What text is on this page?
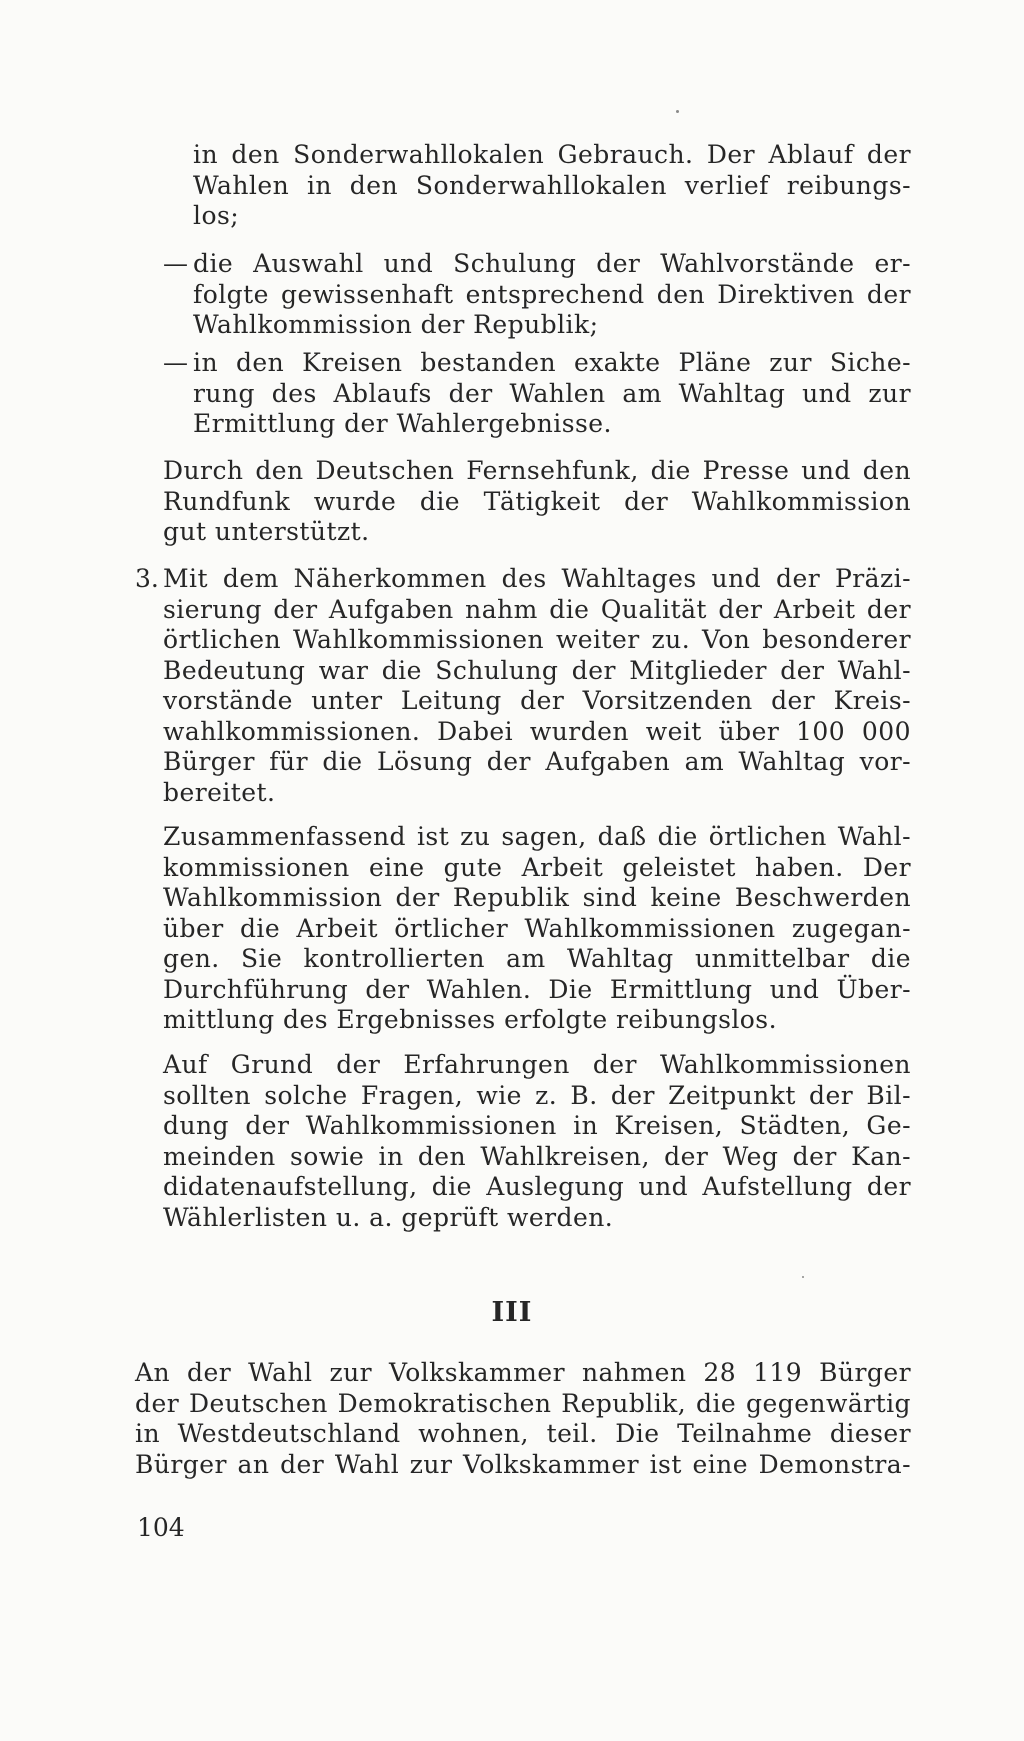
in den Sonderwahllokalen Gebrauch. Der Ablauf der
Wahlen in den Sonderwahllokalen verlief reibungs-
los;
— die Auswahl und Schulung der Wahlvorstände er-
folgte gewissenhaft entsprechend den Direktiven der
Wahlkommission der Republik;
— in den Kreisen bestanden exakte Pläne zur Siche-
rung des Ablaufs der Wahlen am Wahltag und zur
Ermittlung der Wahlergebnisse.
Durch den Deutschen Fernsehfunk, die Presse und den
Rundfunk wurde die Tätigkeit der Wahlkommission
gut unterstützt.
3. Mit dem Näherkommen des Wahltages und der Präzi-
sierung der Aufgaben nahm die Qualität der Arbeit der
örtlichen Wahlkommissionen weiter zu. Von besonderer
Bedeutung war die Schulung der Mitglieder der Wahl-
vorstände unter Leitung der Vorsitzenden der Kreis-
wahlkommissionen. Dabei wurden weit über 100 000
Bürger für die Lösung der Aufgaben am Wahltag vor-
bereitet.
Zusammenfassend ist zu sagen, daß die örtlichen Wahl-
kommissionen eine gute Arbeit geleistet haben. Der
Wahlkommission der Republik sind keine Beschwerden
über die Arbeit örtlicher Wahlkommissionen zugegan-
gen. Sie kontrollierten am Wahltag unmittelbar die
Durchführung der Wahlen. Die Ermittlung und Über-
mittlung des Ergebnisses erfolgte reibungslos.
Auf Grund der Erfahrungen der Wahlkommissionen
sollten solche Fragen, wie z. B. der Zeitpunkt der Bil-
dung der Wahlkommissionen in Kreisen, Städten, Ge-
meinden sowie in den Wahlkreisen, der Weg der Kan-
didatenaufstellung, die Auslegung und Aufstellung der
Wählerlisten u. a. geprüft werden.
III
An der Wahl zur Volkskammer nahmen 28 119 Bürger
der Deutschen Demokratischen Republik, die gegenwärtig
in Westdeutschland wohnen, teil. Die Teilnahme dieser
Bürger an der Wahl zur Volkskammer ist eine Demonstra-
104
